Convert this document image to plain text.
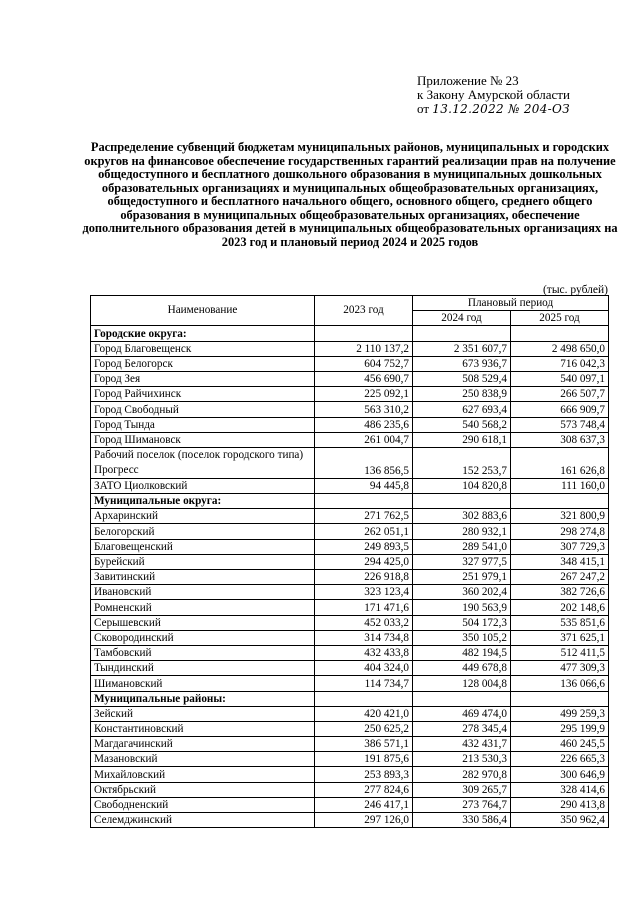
Приложение № 23
к Закону Амурской области
от 13.12.2022 № 204-ОЗ
Распределение субвенций бюджетам муниципальных районов, муниципальных и городских округов на финансовое обеспечение государственных гарантий реализации прав на получение общедоступного и бесплатного дошкольного образования в муниципальных дошкольных образовательных организациях и муниципальных общеобразовательных организациях, общедоступного и бесплатного начального общего, основного общего, среднего общего образования в муниципальных общеобразовательных организациях, обеспечение дополнительного образования детей в муниципальных общеобразовательных организациях на 2023 год и плановый период 2024 и 2025 годов
(тыс. рублей)
Наименование	2023 год	Плановый период	
		2024 год	2025 год
Городские округа:			
Город Благовещенск	2 110 137,2	2 351 607,7	2 498 650,0
Город Белогорск	604 752,7	673 936,7	716 042,3
Город Зея	456 690,7	508 529,4	540 097,1
Город Райчихинск	225 092,1	250 838,9	266 507,7
Город Свободный	563 310,2	627 693,4	666 909,7
Город Тында	486 235,6	540 568,2	573 748,4
Город Шимановск	261 004,7	290 618,1	308 637,3
Рабочий поселок (поселок городского типа) Прогресс	136 856,5	152 253,7	161 626,8
ЗАТО Циолковский	94 445,8	104 820,8	111 160,0
Муниципальные округа:			
Архаринский	271 762,5	302 883,6	321 800,9
Белогорский	262 051,1	280 932,1	298 274,8
Благовещенский	249 893,5	289 541,0	307 729,3
Бурейский	294 425,0	327 977,5	348 415,1
Завитинский	226 918,8	251 979,1	267 247,2
Ивановский	323 123,4	360 202,4	382 726,6
Ромненский	171 471,6	190 563,9	202 148,6
Серышевский	452 033,2	504 172,3	535 851,6
Сковородинский	314 734,8	350 105,2	371 625,1
Тамбовский	432 433,8	482 194,5	512 411,5
Тындинский	404 324,0	449 678,8	477 309,3
Шимановский	114 734,7	128 004,8	136 066,6
Муниципальные районы:			
Зейский	420 421,0	469 474,0	499 259,3
Константиновский	250 625,2	278 345,4	295 199,9
Магдагачинский	386 571,1	432 431,7	460 245,5
Мазановский	191 875,6	213 530,3	226 665,3
Михайловский	253 893,3	282 970,8	300 646,9
Октябрьский	277 824,6	309 265,7	328 414,6
Свободненский	246 417,1	273 764,7	290 413,8
Селемджинский	297 126,0	330 586,4	350 962,4
